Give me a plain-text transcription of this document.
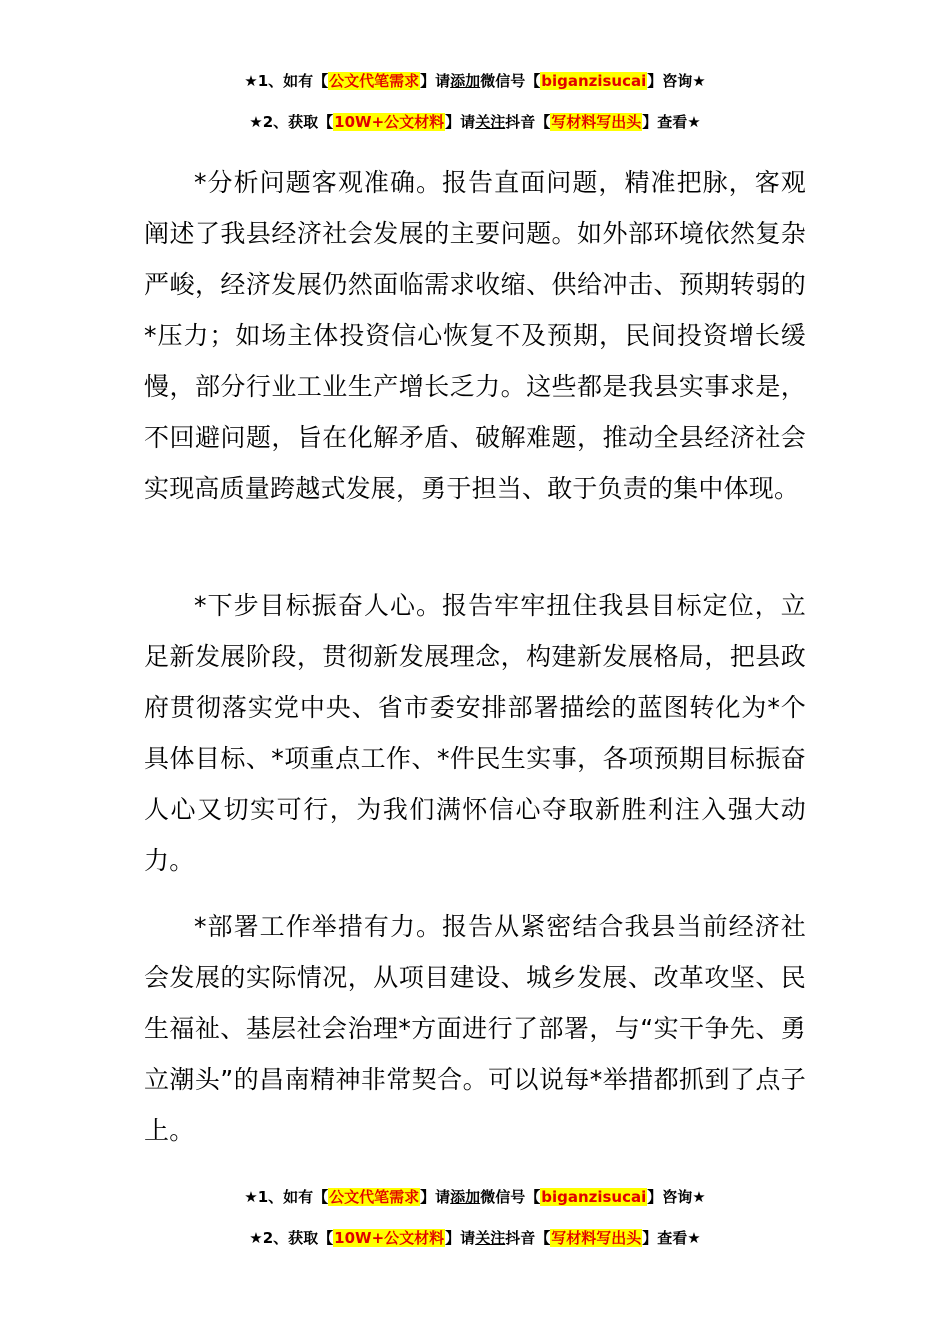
★1、如有【公文代笔需求】请添加微信号【biganzisucai】咨询★
★2、获取【10W+公文材料】请关注抖音【写材料写出头】查看★

*分析问题客观准确。报告直面问题，精准把脉，客观阐述了我县经济社会发展的主要问题。如外部环境依然复杂严峻，经济发展仍然面临需求收缩、供给冲击、预期转弱的*压力；如场主体投资信心恢复不及预期，民间投资增长缓慢，部分行业工业生产增长乏力。这些都是我县实事求是，不回避问题，旨在化解矛盾、破解难题，推动全县经济社会实现高质量跨越式发展，勇于担当、敢于负责的集中体现。

*下步目标振奋人心。报告牢牢扭住我县目标定位，立足新发展阶段，贯彻新发展理念，构建新发展格局，把县政府贯彻落实党中央、省市委安排部署描绘的蓝图转化为*个具体目标、*项重点工作、*件民生实事，各项预期目标振奋人心又切实可行，为我们满怀信心夺取新胜利注入强大动力。

*部署工作举措有力。报告从紧密结合我县当前经济社会发展的实际情况，从项目建设、城乡发展、改革攻坚、民生福祉、基层社会治理*方面进行了部署，与“实干争先、勇立潮头”的昌南精神非常契合。可以说每*举措都抓到了点子上。

★1、如有【公文代笔需求】请添加微信号【biganzisucai】咨询★
★2、获取【10W+公文材料】请关注抖音【写材料写出头】查看★
